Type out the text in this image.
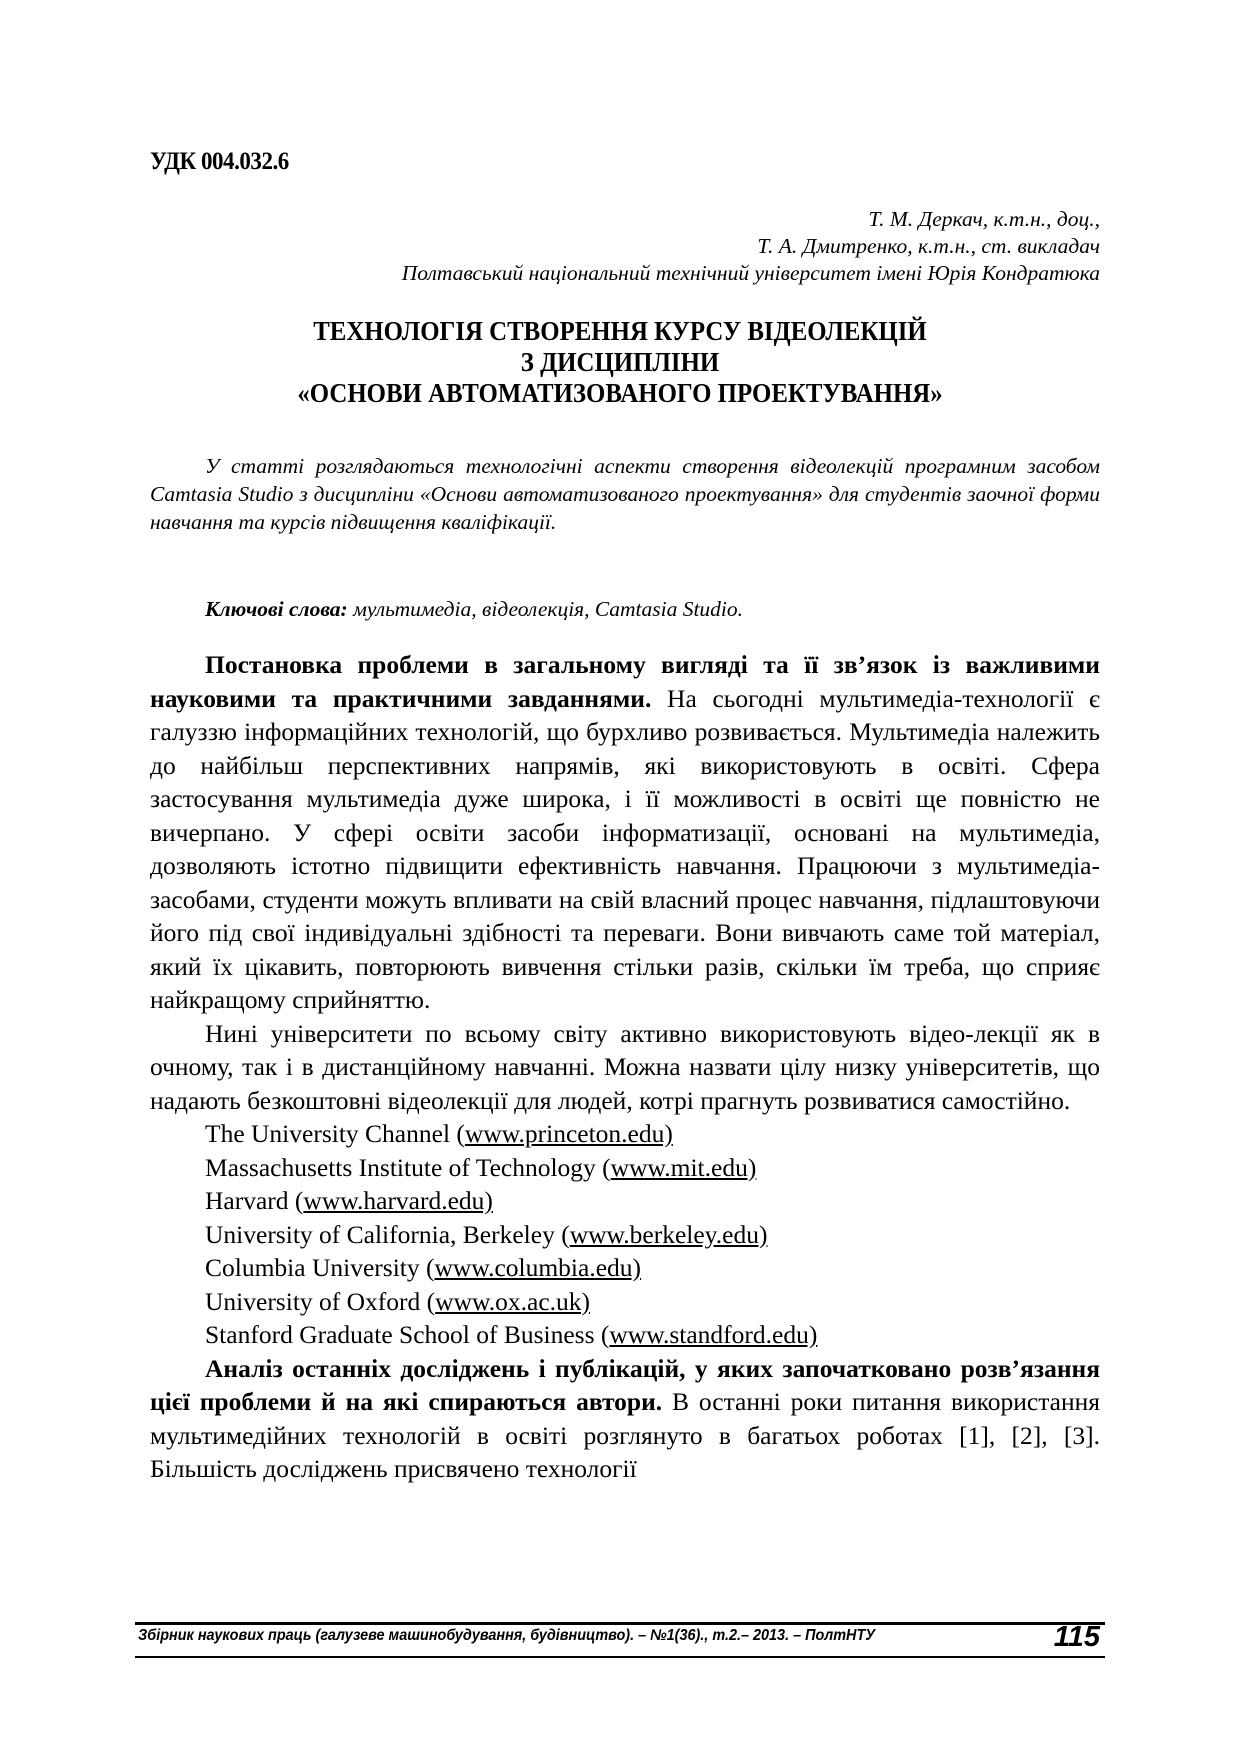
УДК 004.032.6
Т. М. Деркач, к.т.н., доц.,
Т. А. Дмитренко, к.т.н., ст. викладач
Полтавський національний технічний університет імені Юрія Кондратюка
ТЕХНОЛОГІЯ СТВОРЕННЯ КУРСУ ВІДЕОЛЕКЦІЙ
З ДИСЦИПЛІНИ
«ОСНОВИ АВТОМАТИЗОВАНОГО ПРОЕКТУВАННЯ»
У статті розглядаються технологічні аспекти створення відеолекцій програмним засобом Camtasia Studio з дисципліни «Основи автоматизованого проектування» для студентів заочної форми навчання та курсів підвищення кваліфікації.
Ключові слова: мультимедіа, відеолекція, Camtasia Studio.

Постановка проблеми в загальному вигляді та її зв’язок із важливими науковими та практичними завданнями. На сьогодні мультимедіа-технології є галуззю інформаційних технологій, що бурхливо розвивається. Мультимедіа належить до найбільш перспективних напрямів, які використовують в освіті. Сфера застосування мультимедіа дуже широка, і її можливості в освіті ще повністю не вичерпано. У сфері освіти засоби інформатизації, основані на мультимедіа, дозволяють істотно підвищити ефективність навчання. Працюючи з мультимедіа-засобами, студенти можуть впливати на свій власний процес навчання, підлаштовуючи його під свої індивідуальні здібності та переваги. Вони вивчають саме той матеріал, який їх цікавить, повторюють вивчення стільки разів, скільки їм треба, що сприяє найкращому сприйняттю.

Нині університети по всьому світу активно використовують відео-лекції як в очному, так і в дистанційному навчанні. Можна назвати цілу низку університетів, що надають безкоштовні відеолекції для людей, котрі прагнуть розвиватися самостійно.

The University Channel (www.princeton.edu)
Massachusetts Institute of Technology (www.mit.edu)
Harvard (www.harvard.edu)
University of California, Berkeley (www.berkeley.edu)
Columbia University (www.columbia.edu)
University of Oxford (www.ox.ac.uk)
Stanford Graduate School of Business (www.standford.edu)

Аналіз останніх досліджень і публікацій, у яких започатковано розв’язання цієї проблеми й на які спираються автори. В останні роки питання використання мультимедійних технологій в освіті розглянуто в багатьох роботах [1], [2], [3]. Більшість досліджень присвячено технології

Збірник наукових праць (галузеве машинобудування, будівництво). – №1(36)., т.2.– 2013. – ПолтНТУ	115
